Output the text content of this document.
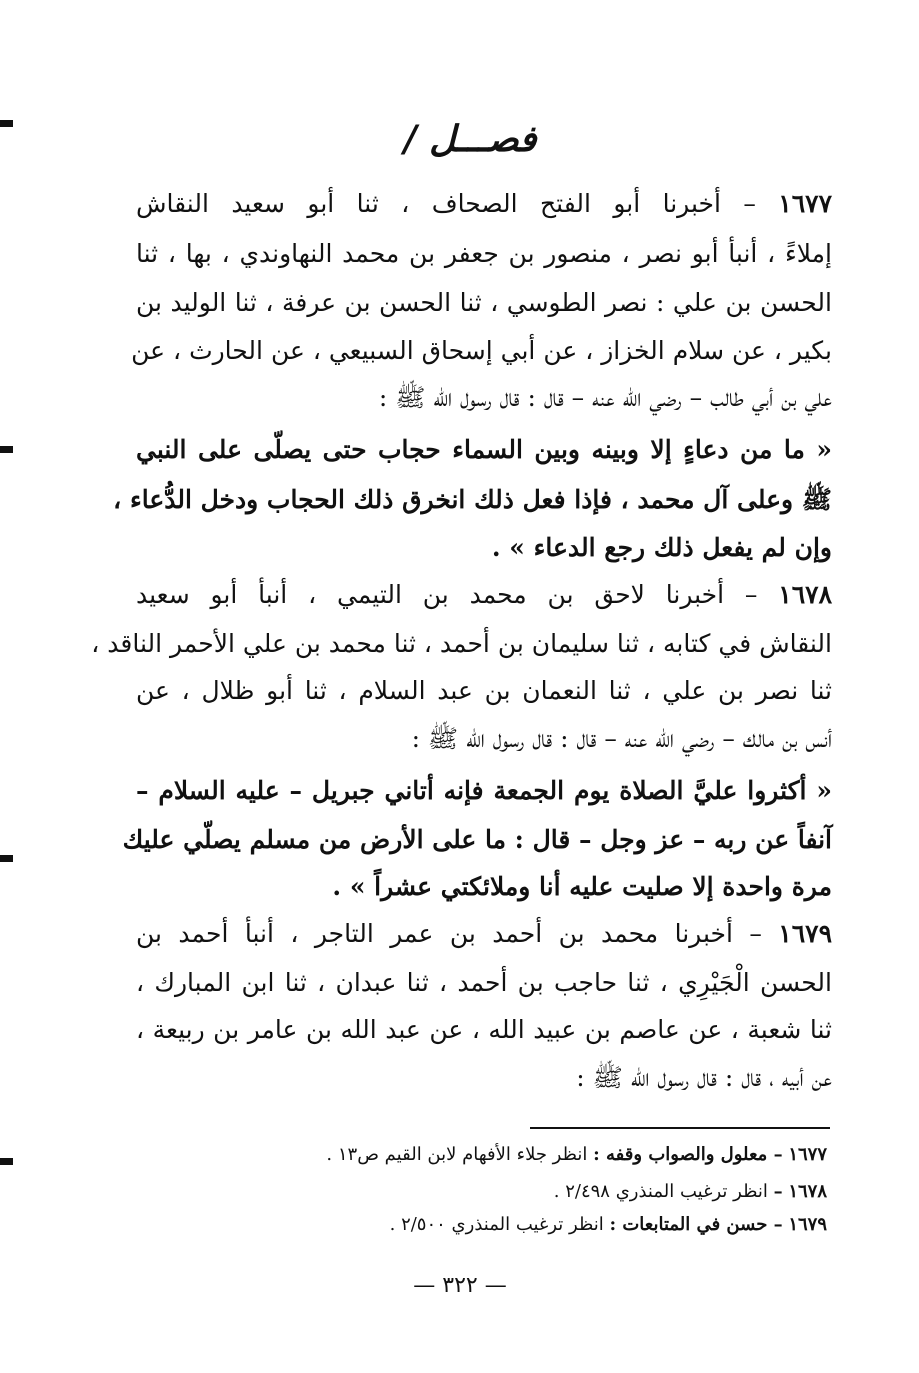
فصـــل /
١٦٧٧ – أخبرنا أبو الفتح الصحاف ، ثنا أبو سعيد النقاش
إملاءً ، أنبأ أبو نصر ، منصور بن جعفر بن محمد النهاوندي ، بها ، ثنا
الحسن بن علي : نصر الطوسي ، ثنا الحسن بن عرفة ، ثنا الوليد بن
بكير ، عن سلام الخزاز ، عن أبي إسحاق السبيعي ، عن الحارث ، عن
علي بن أبي طالب – رضي الله عنه – قال : قال رسول الله ﷺ :
« ما من دعاءٍ إلا وبينه وبين السماء حجاب حتى يصلّى على النبي
ﷺ وعلى آل محمد ، فإذا فعل ذلك انخرق ذلك الحجاب ودخل الدُّعاء ،
وإن لم يفعل ذلك رجع الدعاء » .
١٦٧٨ – أخبرنا لاحق بن محمد بن التيمي ، أنبأ أبو سعيد
النقاش في كتابه ، ثنا سليمان بن أحمد ، ثنا محمد بن علي الأحمر الناقد ،
ثنا نصر بن علي ، ثنا النعمان بن عبد السلام ، ثنا أبو ظلال ، عن
أنس بن مالك – رضي الله عنه – قال : قال رسول الله ﷺ :
« أكثروا عليَّ الصلاة يوم الجمعة فإنه أتاني جبريل – عليه السلام –
آنفاً عن ربه – عز وجل – قال : ما على الأرض من مسلم يصلّي عليك
مرة واحدة إلا صليت عليه أنا وملائكتي عشراً » .
١٦٧٩ – أخبرنا محمد بن أحمد بن عمر التاجر ، أنبأ أحمد بن
الحسن الْجَيْرِي ، ثنا حاجب بن أحمد ، ثنا عبدان ، ثنا ابن المبارك ،
ثنا شعبة ، عن عاصم بن عبيد الله ، عن عبد الله بن عامر بن ربيعة ،
عن أبيه ، قال : قال رسول الله ﷺ :
١٦٧٧ – معلول والصواب وقفه : انظر جلاء الأفهام لابن القيم ص١٣ .
١٦٧٨ – انظر ترغيب المنذري ٢/٤٩٨ .
١٦٧٩ – حسن في المتابعات : انظر ترغيب المنذري ٢/٥٠٠ .
— ٣٢٢ —
